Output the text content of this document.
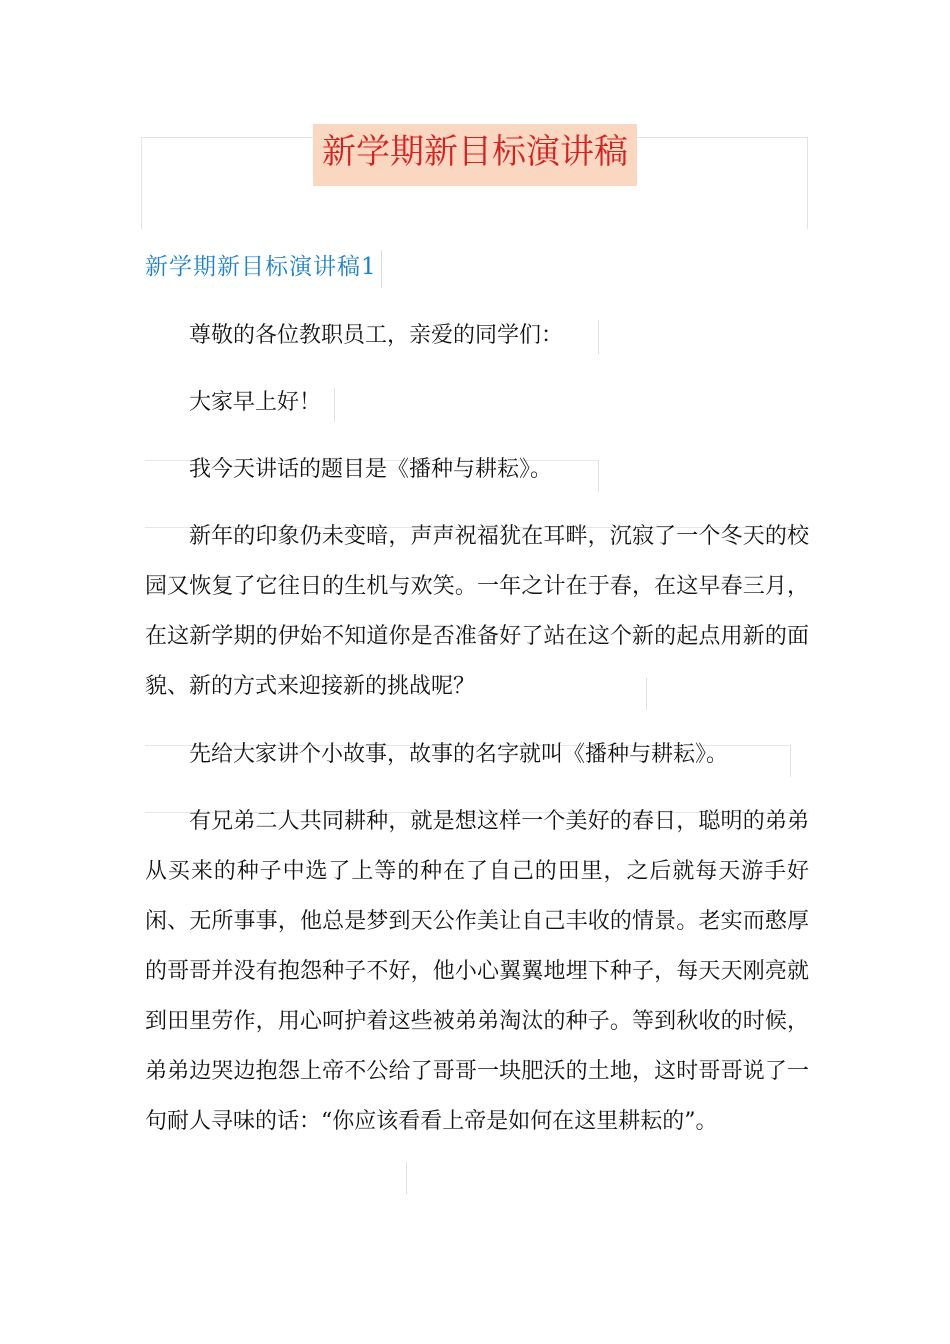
新学期新目标演讲稿
新学期新目标演讲稿1

尊敬的各位教职员工，亲爱的同学们：

大家早上好！

我今天讲话的题目是《播种与耕耘》。

新年的印象仍未变暗，声声祝福犹在耳畔，沉寂了一个冬天的校园又恢复了它往日的生机与欢笑。一年之计在于春，在这早春三月，在这新学期的伊始不知道你是否准备好了站在这个新的起点用新的面貌、新的方式来迎接新的挑战呢？

先给大家讲个小故事，故事的名字就叫《播种与耕耘》。

有兄弟二人共同耕种，就是想这样一个美好的春日，聪明的弟弟从买来的种子中选了上等的种在了自己的田里，之后就每天游手好闲、无所事事，他总是梦到天公作美让自己丰收的情景。老实而憨厚的哥哥并没有抱怨种子不好，他小心翼翼地埋下种子，每天天刚亮就到田里劳作，用心呵护着这些被弟弟淘汰的种子。等到秋收的时候，弟弟边哭边抱怨上帝不公给了哥哥一块肥沃的土地，这时哥哥说了一句耐人寻味的话：“你应该看看上帝是如何在这里耕耘的”。
